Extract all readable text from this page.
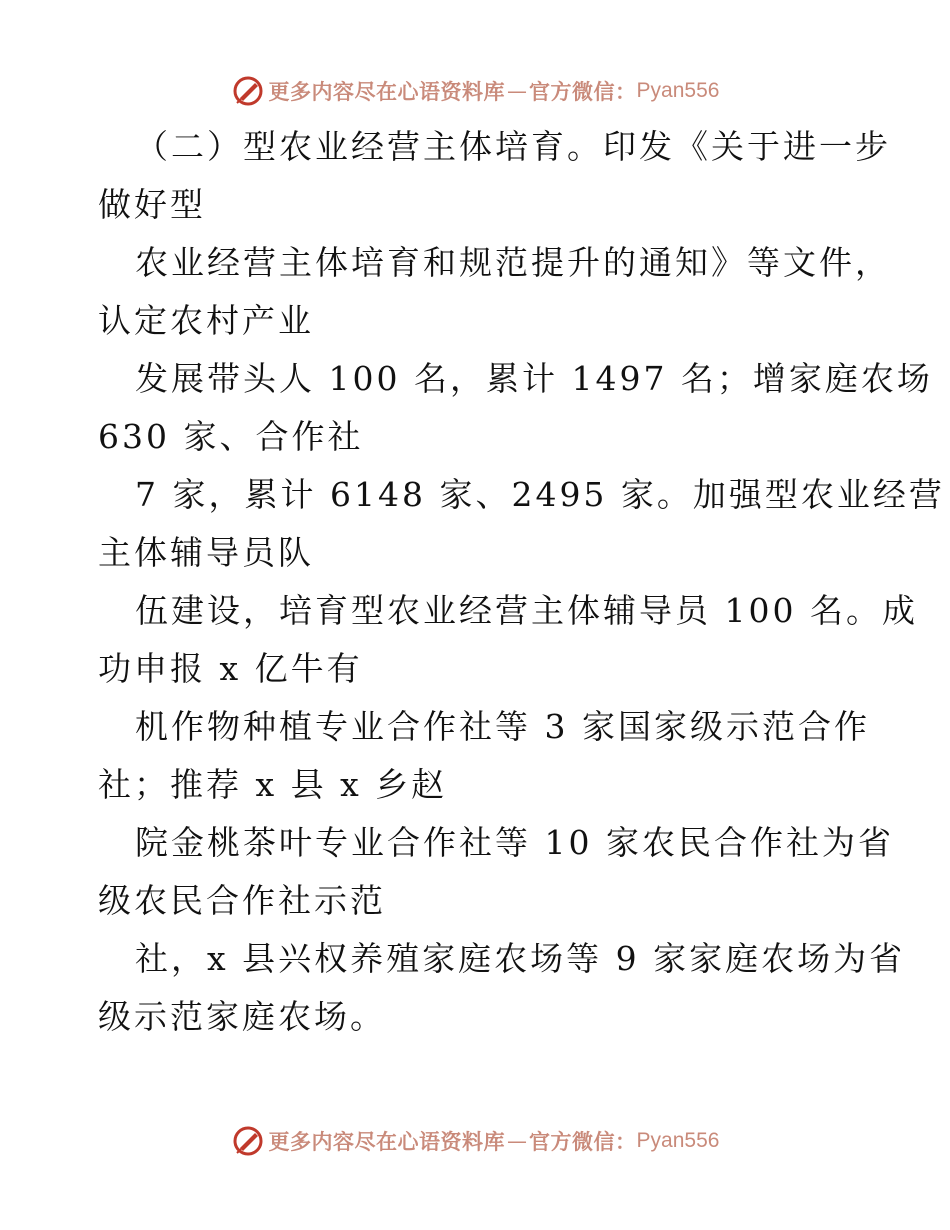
更多内容尽在心语资料库 — 官方微信： Pyan556
（二）型农业经营主体培育。印发《关于进一步
做好型
农业经营主体培育和规范提升的通知》等文件，
认定农村产业
发展带头人 100 名，累计 1497 名；增家庭农场
630 家、合作社
7 家，累计 6148 家、2495 家。加强型农业经营
主体辅导员队
伍建设，培育型农业经营主体辅导员 100 名。成
功申报 x 亿牛有
机作物种植专业合作社等 3 家国家级示范合作
社；推荐 x 县 x 乡赵
院金桃茶叶专业合作社等 10 家农民合作社为省
级农民合作社示范
社，x 县兴权养殖家庭农场等 9 家家庭农场为省
级示范家庭农场。
更多内容尽在心语资料库 — 官方微信： Pyan556
